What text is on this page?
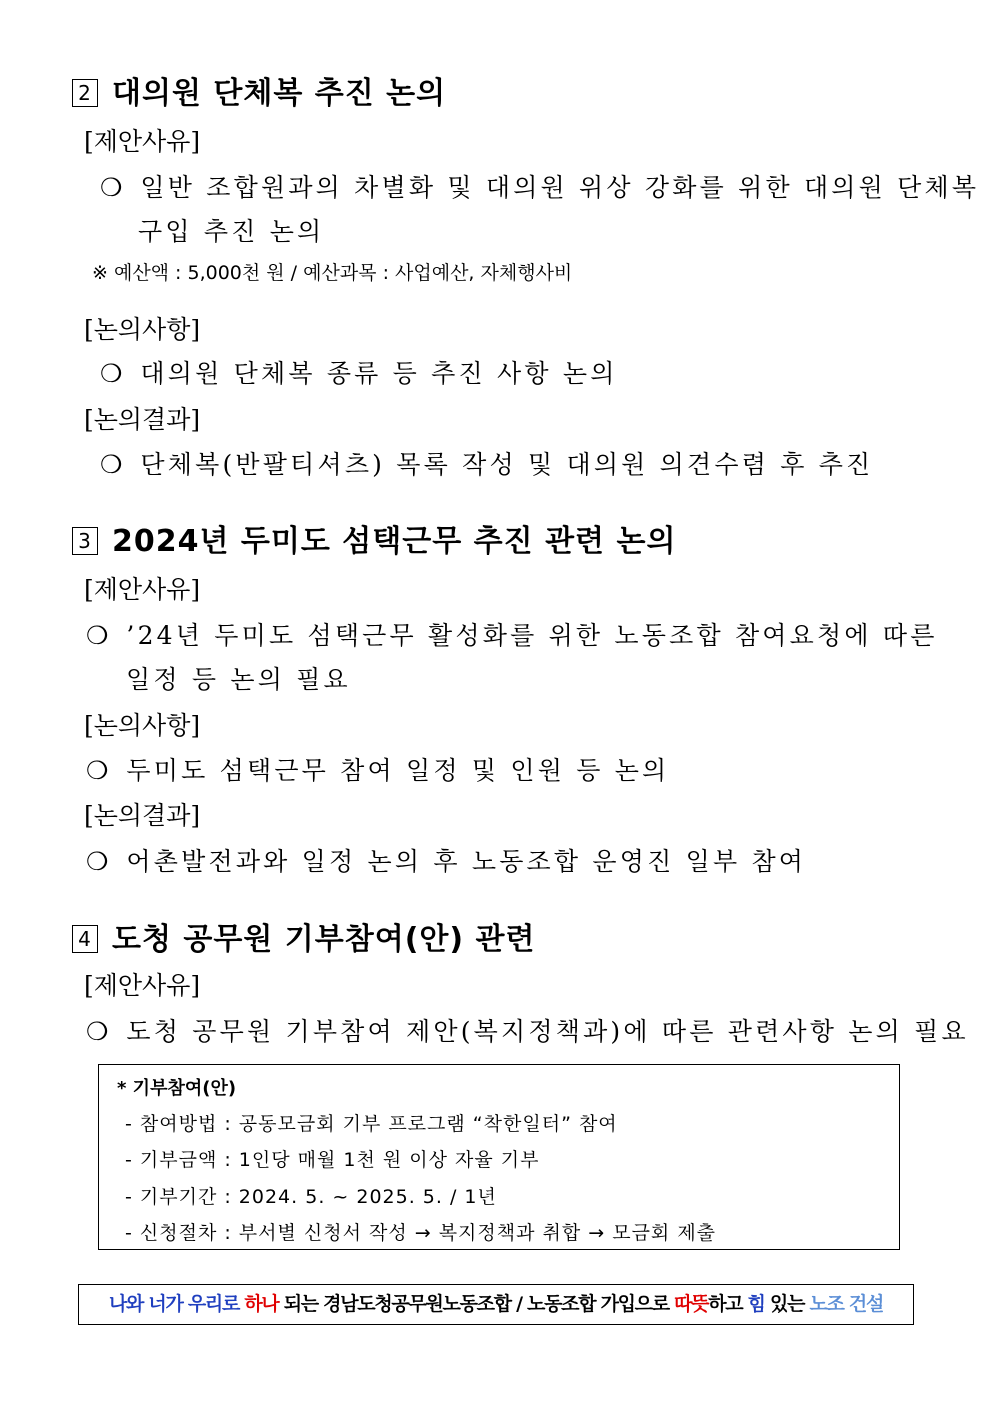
2 대의원 단체복 추진 논의
[제안사유]
❍ 일반 조합원과의 차별화 및 대의원 위상 강화를 위한 대의원 단체복
구입 추진 논의
※ 예산액 : 5,000천 원 / 예산과목 : 사업예산, 자체행사비
[논의사항]
❍ 대의원 단체복 종류 등 추진 사항 논의
[논의결과]
❍ 단체복(반팔티셔츠) 목록 작성 및 대의원 의견수렴 후 추진
3 2024년 두미도 섬택근무 추진 관련 논의
[제안사유]
❍ ’24년 두미도 섬택근무 활성화를 위한 노동조합 참여요청에 따른
일정 등 논의 필요
[논의사항]
❍ 두미도 섬택근무 참여 일정 및 인원 등 논의
[논의결과]
❍ 어촌발전과와 일정 논의 후 노동조합 운영진 일부 참여
4 도청 공무원 기부참여(안) 관련
[제안사유]
❍ 도청 공무원 기부참여 제안(복지정책과)에 따른 관련사항 논의 필요
* 기부참여(안)
- 참여방법 : 공동모금회 기부 프로그램 “착한일터” 참여
- 기부금액 : 1인당 매월 1천 원 이상 자율 기부
- 기부기간 : 2024. 5. ~ 2025. 5. / 1년
- 신청절차 : 부서별 신청서 작성 → 복지정책과 취합 → 모금회 제출
나와 너가 우리로 하나 되는 경남도청공무원노동조합 / 노동조합 가입으로 따뜻하고 힘 있는 노조 건설
